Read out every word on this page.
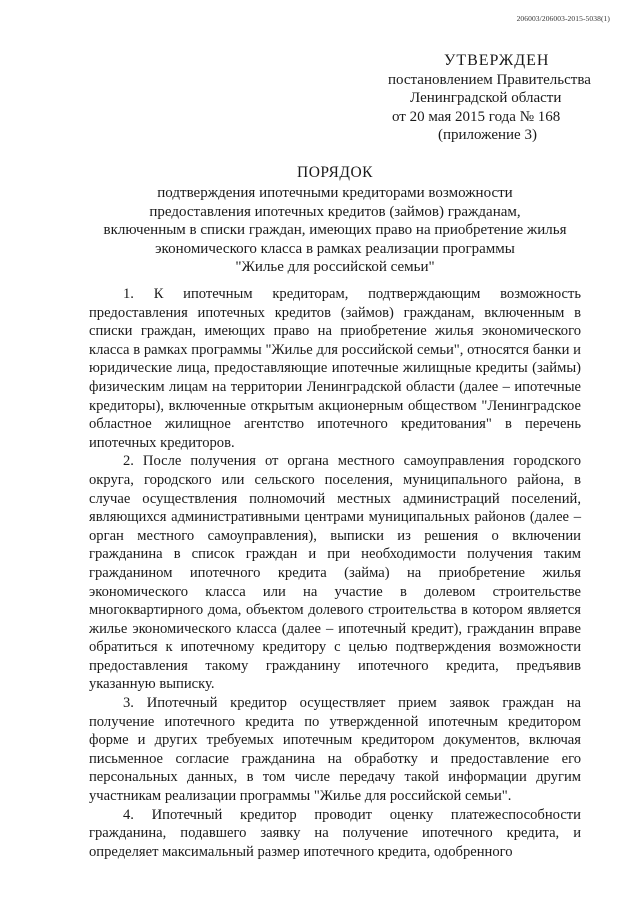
206003/206003-2015-5038(1)
УТВЕРЖДЕН
постановлением Правительства
Ленинградской области
от 20 мая 2015 года № 168
(приложение 3)
ПОРЯДОК
подтверждения ипотечными кредиторами возможности
предоставления ипотечных кредитов (займов) гражданам,
включенным в списки граждан, имеющих право на приобретение жилья
экономического класса в рамках реализации программы
"Жилье для российской семьи"

1. К ипотечным кредиторам, подтверждающим возможность предоставления ипотечных кредитов (займов) гражданам, включенным в списки граждан, имеющих право на приобретение жилья экономического класса в рамках программы "Жилье для российской семьи", относятся банки и юридические лица, предоставляющие ипотечные жилищные кредиты (займы) физическим лицам на территории Ленинградской области (далее – ипотечные кредиторы), включенные открытым акционерным обществом "Ленинградское областное жилищное агентство ипотечного кредитования" в перечень ипотечных кредиторов.

2. После получения от органа местного самоуправления городского округа, городского или сельского поселения, муниципального района, в случае осуществления полномочий местных администраций поселений, являющихся административными центрами муниципальных районов (далее – орган местного самоуправления), выписки из решения о включении гражданина в список граждан и при необходимости получения таким гражданином ипотечного кредита (займа) на приобретение жилья экономического класса или на участие в долевом строительстве многоквартирного дома, объектом долевого строительства в котором является жилье экономического класса (далее – ипотечный кредит), гражданин вправе обратиться к ипотечному кредитору с целью подтверждения возможности предоставления такому гражданину ипотечного кредита, предъявив указанную выписку.

3. Ипотечный кредитор осуществляет прием заявок граждан на получение ипотечного кредита по утвержденной ипотечным кредитором форме и других требуемых ипотечным кредитором документов, включая письменное согласие гражданина на обработку и предоставление его персональных данных, в том числе передачу такой информации другим участникам реализации программы "Жилье для российской семьи".

4. Ипотечный кредитор проводит оценку платежеспособности гражданина, подавшего заявку на получение ипотечного кредита, и определяет максимальный размер ипотечного кредита, одобренного
